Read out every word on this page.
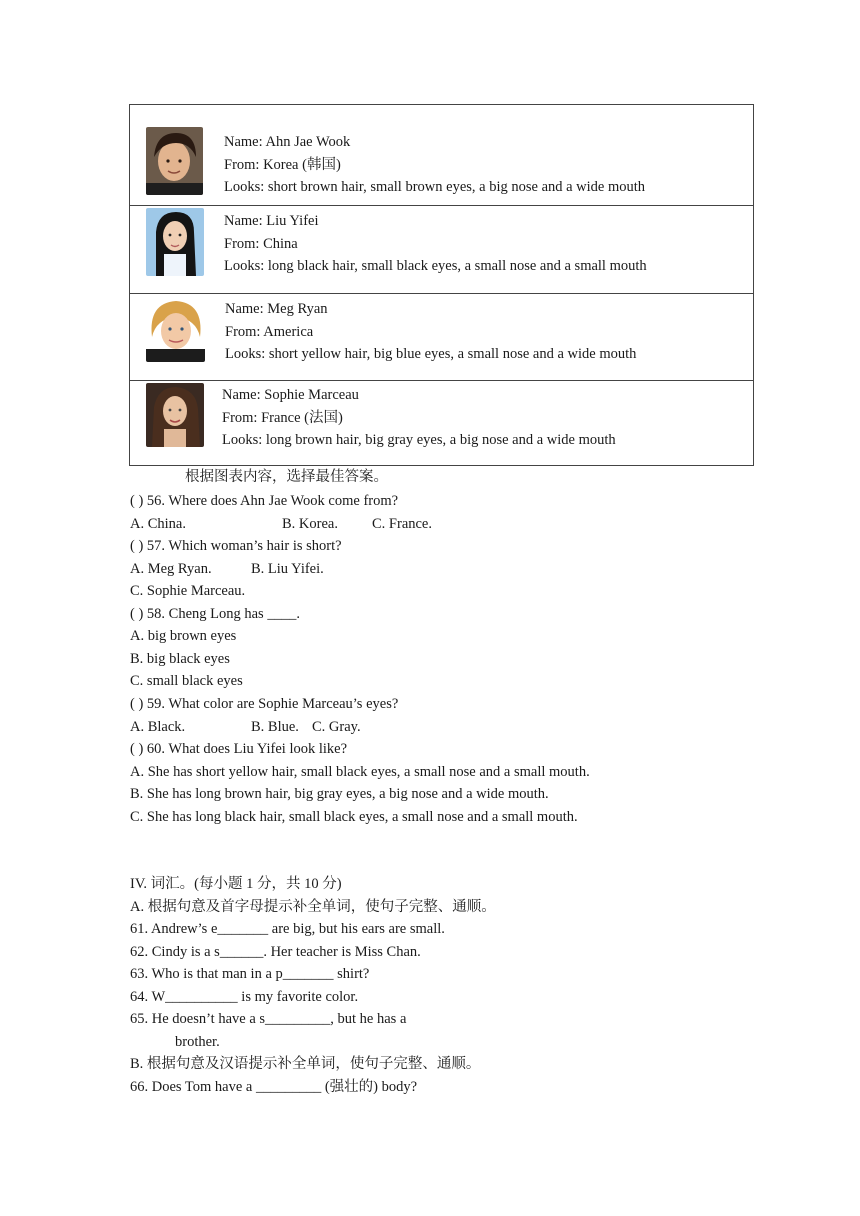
Name: Ahn Jae Wook
From: Korea (韩国)
Looks: short brown hair, small brown eyes, a big nose and a wide mouth
Name: Liu Yifei
From: China
Looks: long black hair, small black eyes, a small nose and a small mouth
Name: Meg Ryan
From: America
Looks: short yellow hair, big blue eyes, a small nose and a wide mouth
Name: Sophie Marceau
From: France (法国)
Looks: long brown hair, big gray eyes, a big nose and a wide mouth
根据图表内容，选择最佳答案。
( ) 56. Where does Ahn Jae Wook come from?
A. China.	B. Korea. C. France.
( ) 57. Which woman’s hair is short?
A. Meg Ryan.	B. Liu Yifei.
C. Sophie Marceau.
( ) 58. Cheng Long has ____.
A. big brown eyes
B. big black eyes
C. small black eyes
( ) 59. What color are Sophie Marceau’s eyes?
A. Black.	B. Blue. C. Gray.
( ) 60. What does Liu Yifei look like?
A. She has short yellow hair, small black eyes, a small nose and a small mouth.
B. She has long brown hair, big gray eyes, a big nose and a wide mouth.
C. She has long black hair, small black eyes, a small nose and a small mouth.
IV. 词汇。(每小题 1 分，共 10 分)
A. 根据句意及首字母提示补全单词，使句子完整、通顺。
61. Andrew’s e_______ are big, but his ears are small.
62. Cindy is a s______. Her teacher is Miss Chan.
63. Who is that man in a p_______ shirt?
64. W__________ is my favorite color.
65. He doesn’t have a s_________, but he has a
brother.
B. 根据句意及汉语提示补全单词，使句子完整、通顺。
66. Does Tom have a _________ (强壮的) body?
